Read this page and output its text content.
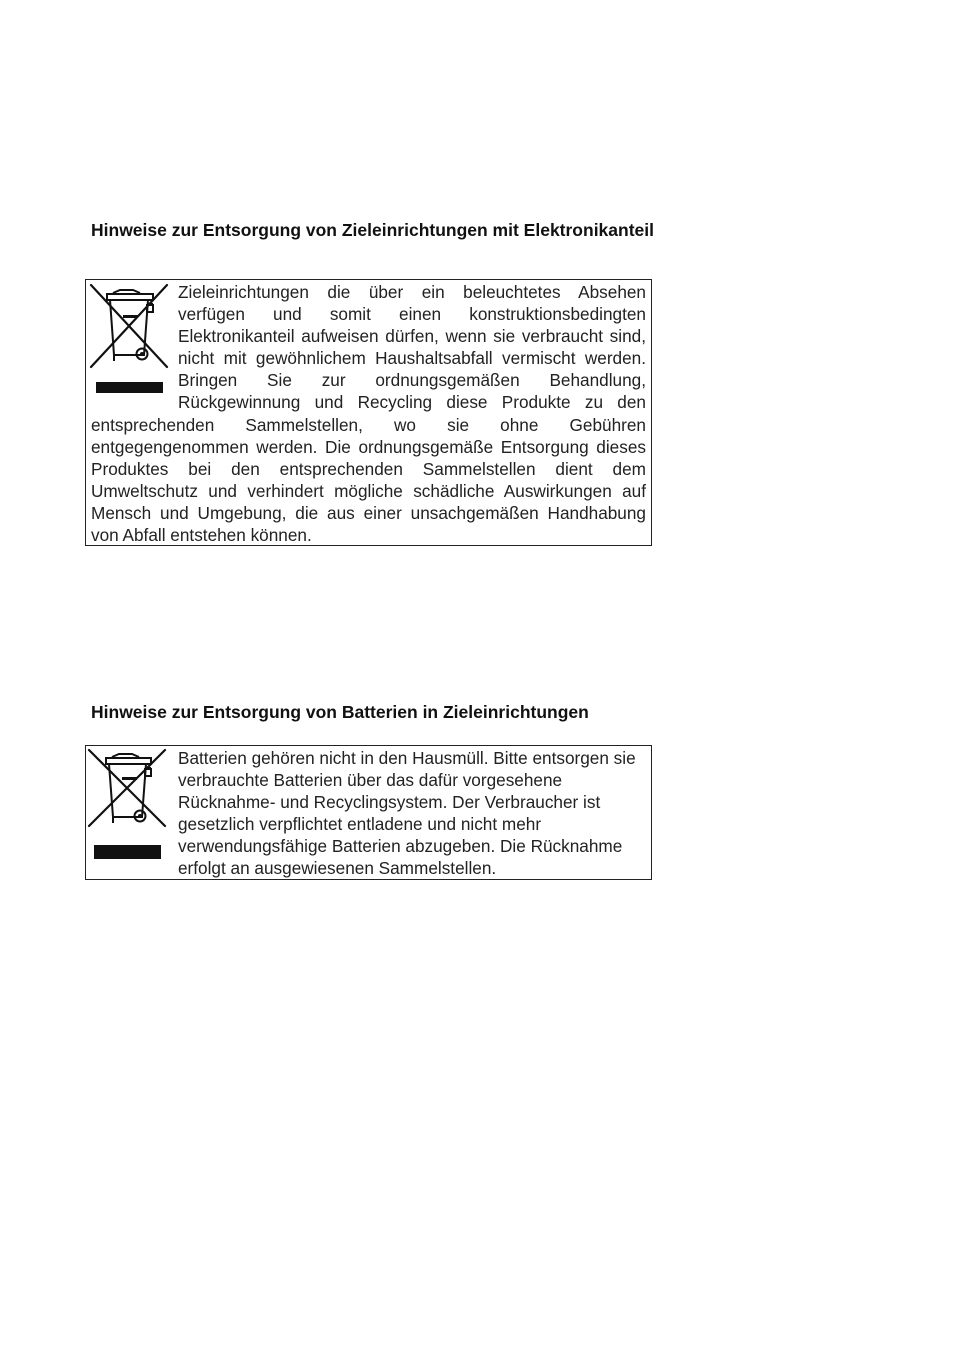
Hinweise zur Entsorgung von Zieleinrichtungen mit Elektronikanteil

Zieleinrichtungen die über ein beleuchtetes Absehen verfügen und somit einen konstruktionsbedingten Elektronikanteil aufweisen dürfen, wenn sie verbraucht sind, nicht mit gewöhnlichem Haushaltsabfall vermischt werden. Bringen Sie zur ordnungsgemäßen Behandlung, Rückgewinnung und Recycling diese Produkte zu den entsprechenden Sammelstellen, wo sie ohne Gebühren entgegengenommen werden. Die ordnungsgemäße Entsorgung dieses Produktes bei den entsprechenden Sammelstellen dient dem Umweltschutz und verhindert mögliche schädliche Auswirkungen auf Mensch und Umgebung, die aus einer unsachgemäßen Handhabung von Abfall entstehen können.

Hinweise zur Entsorgung von Batterien in Zieleinrichtungen

Batterien gehören nicht in den Hausmüll. Bitte entsorgen sie verbrauchte Batterien über das dafür vorgesehene Rücknahme- und Recyclingsystem. Der Verbraucher ist gesetzlich verpflichtet entladene und nicht mehr verwendungsfähige Batterien abzugeben. Die Rücknahme erfolgt an ausgewiesenen Sammelstellen.
